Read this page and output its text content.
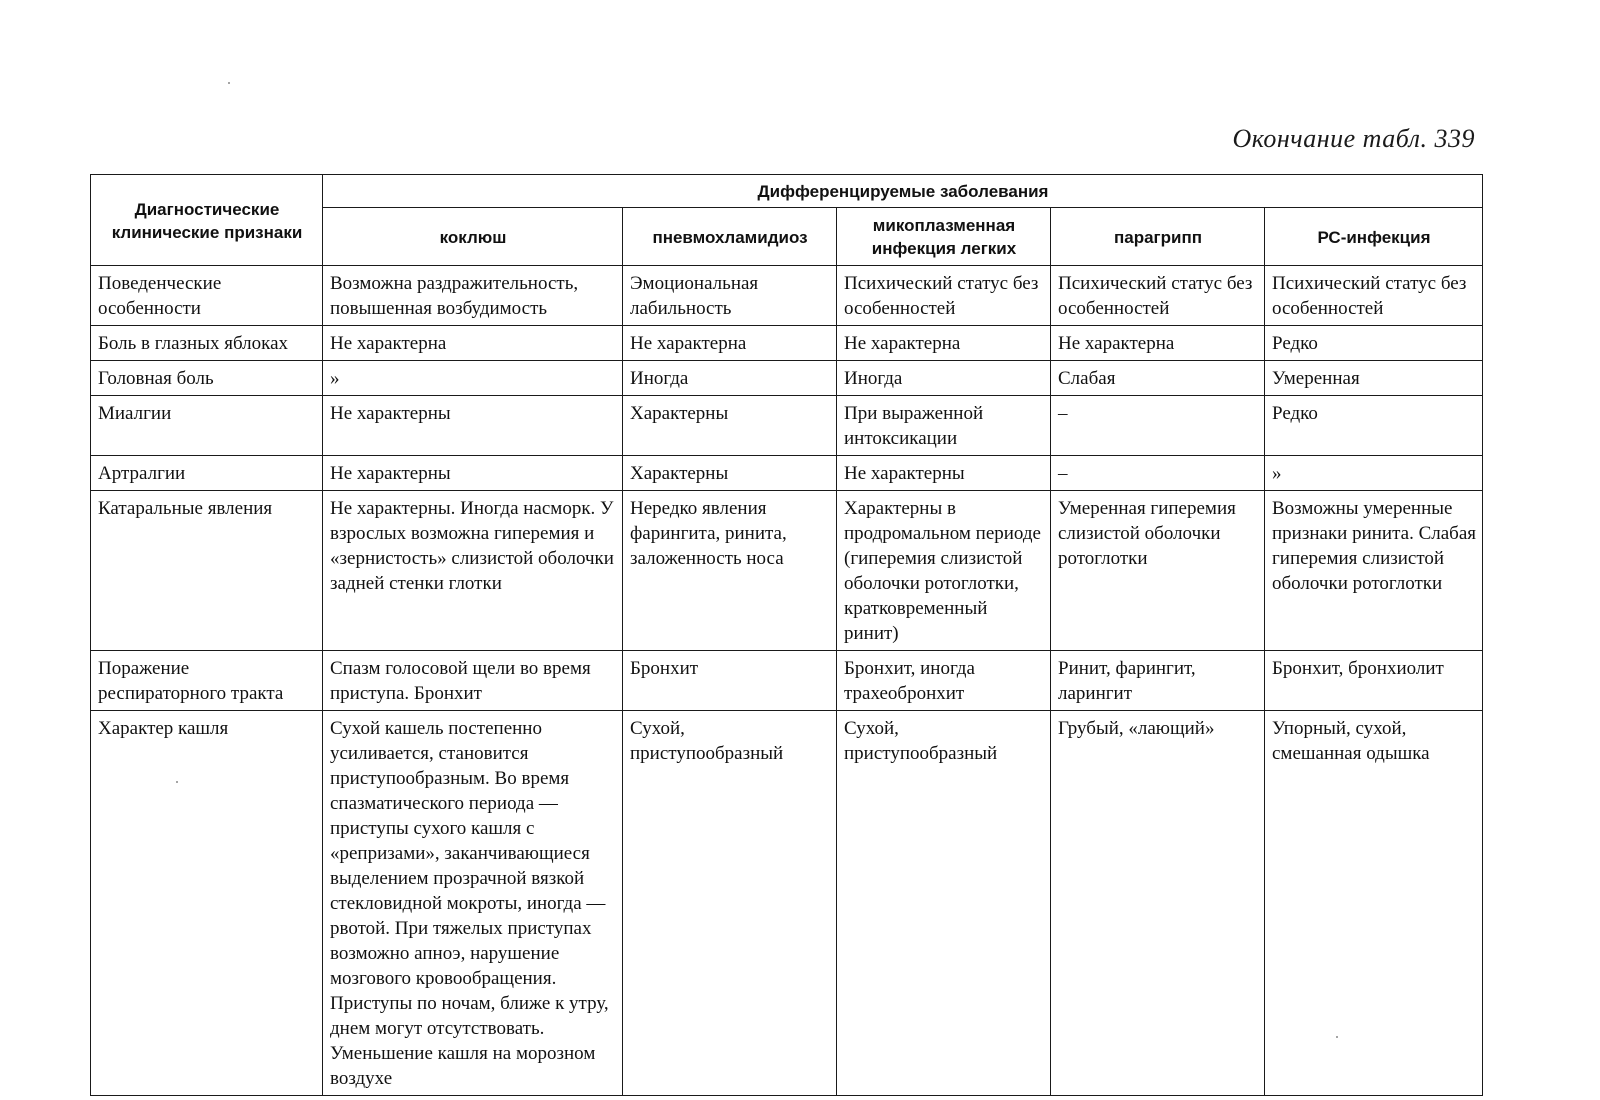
Окончание табл. 339
Диагностические клинические признаки	Дифференцируемые заболевания				
	коклюш	пневмохламидиоз	микоплазменная инфекция легких	парагрипп	РС-инфекция
Поведенческие особенности	Возможна раздражительность, повышенная возбудимость	Эмоциональная лабильность	Психический статус без особенностей	Психический статус без особенностей	Психический статус без особенностей
Боль в глазных яблоках	Не характерна	Не характерна	Не характерна	Не характерна	Редко
Головная боль	»	Иногда	Иногда	Слабая	Умеренная
Миалгии	Не характерны	Характерны	При выраженной интоксикации	–	Редко
Артралгии	Не характерны	Характерны	Не характерны	–	»
Катаральные явления	Не характерны. Иногда насморк. У взрослых возможна гиперемия и «зернистость» слизистой оболочки задней стенки глотки	Нередко явления фарингита, ринита, заложенность носа	Характерны в продромальном периоде (гиперемия слизистой оболочки ротоглотки, кратковременный ринит)	Умеренная гиперемия слизистой оболочки ротоглотки	Возможны умеренные признаки ринита. Слабая гиперемия слизистой оболочки ротоглотки
Поражение респираторного тракта	Спазм голосовой щели во время приступа. Бронхит	Бронхит	Бронхит, иногда трахеобронхит	Ринит, фарингит, ларингит	Бронхит, бронхиолит
Характер кашля	Сухой кашель постепенно усиливается, становится приступообразным. Во время спазматического периода — приступы сухого кашля с «репризами», заканчивающиеся выделением прозрачной вязкой стекловидной мокроты, иногда — рвотой. При тяжелых приступах возможно апноэ, нарушение мозгового кровообращения. Приступы по ночам, ближе к утру, днем могут отсутствовать. Уменьшение кашля на морозном воздухе	Сухой, приступообразный	Сухой, приступообразный	Грубый, «лающий»	Упорный, сухой, смешанная одышка
